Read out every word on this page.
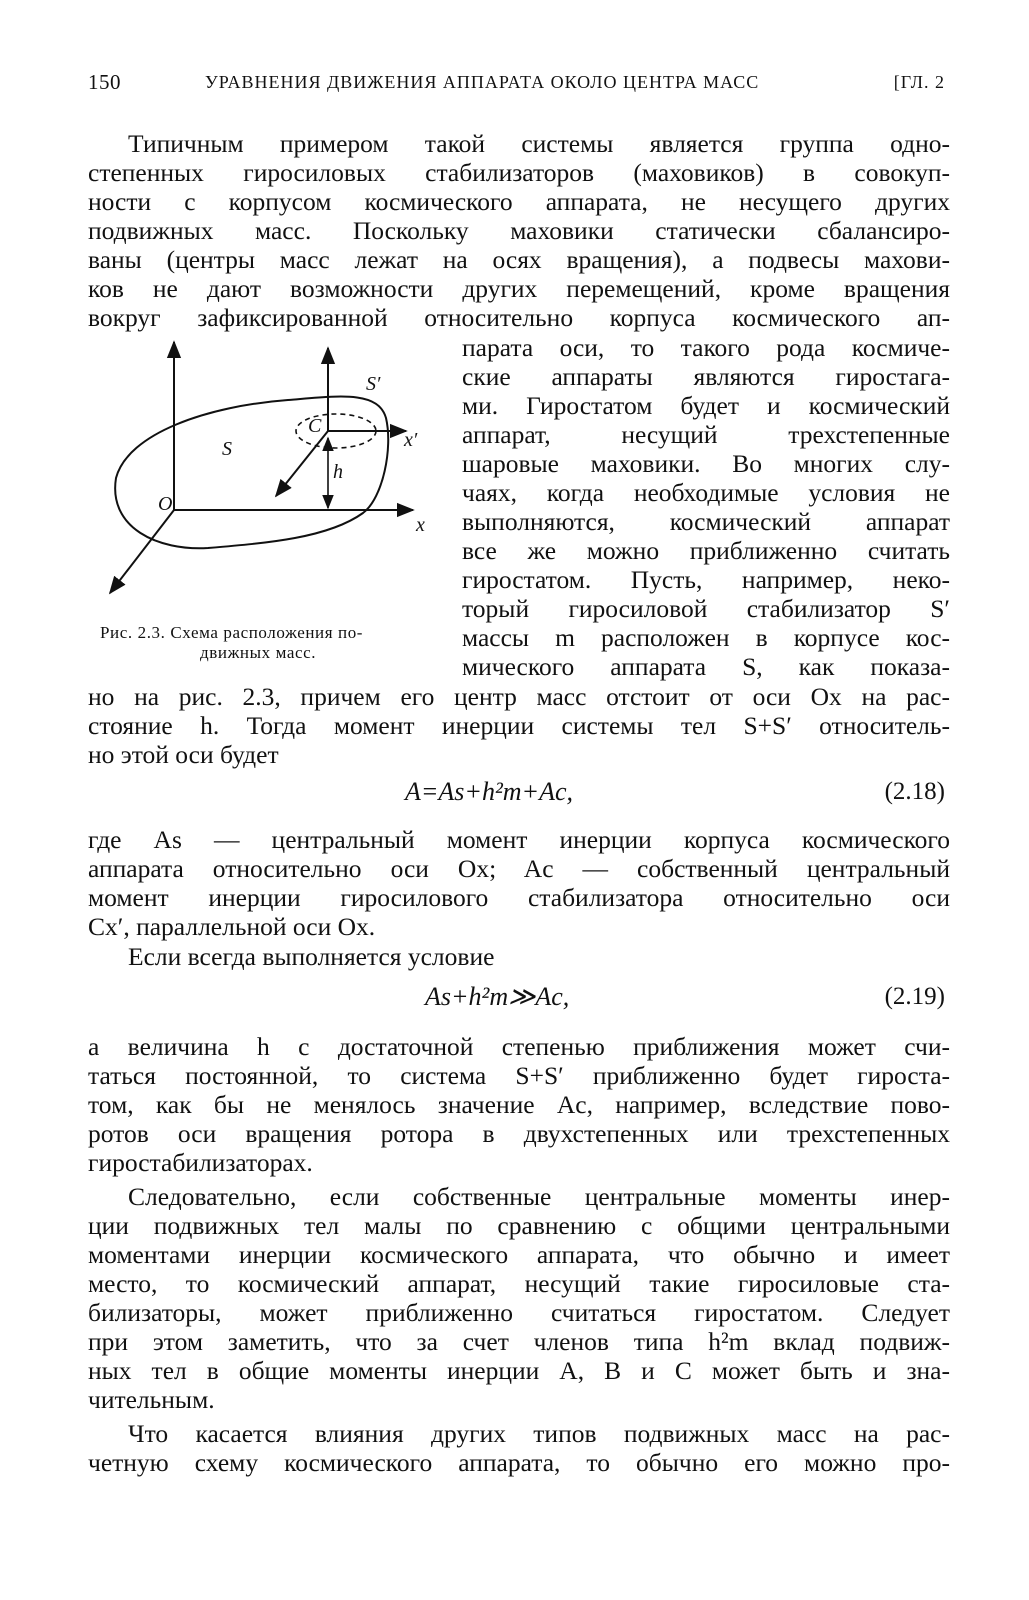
150	УРАВНЕНИЯ ДВИЖЕНИЯ АППАРАТА ОКОЛО ЦЕНТРА МАСС	[ГЛ. 2
Типичным примером такой системы является группа одно-
степенных гиросиловых стабилизаторов (маховиков) в совокуп-
ности с корпусом космического аппарата, не несущего других
подвижных масс. Поскольку маховики статически сбалансиро-
ваны (центры масс лежат на осях вращения), а подвесы махови-
ков не дают возможности других перемещений, кроме вращения
вокруг зафиксированной относительно корпуса космического ап-
парата оси, то такого рода космиче-
ские аппараты являются гиростага-
ми. Гиростатом будет и космический
аппарат, несущий трехстепенные
шаровые маховики. Во многих слу-
чаях, когда необходимые условия не
выполняются, космический аппарат
все же можно приближенно считать
гиростатом. Пусть, например, неко-
торый гиросиловой стабилизатор S′
массы m расположен в корпусе кос-
мического аппарата S, как показа-
S′
C
x′
S
h
O
x
Рис. 2.3. Схема расположения по-
движных масс.
но на рис. 2.3, причем его центр масс отстоит от оси Ox на рас-
стояние h. Тогда момент инерции системы тел S+S′ относитель-
но этой оси будет
A=As+h²m+Ac,	(2.18)
где As — центральный момент инерции корпуса космического
аппарата относительно оси Ox; Ac — собственный центральный
момент инерции гиросилового стабилизатора относительно оси
Cx′, параллельной оси Ox.
Если всегда выполняется условие
As+h²m≫Ac,	(2.19)
а величина h с достаточной степенью приближения может счи-
таться постоянной, то система S+S′ приближенно будет гироста-
том, как бы не менялось значение Ac, например, вследствие пово-
ротов оси вращения ротора в двухстепенных или трехстепенных
гиростабилизаторах.
Следовательно, если собственные центральные моменты инер-
ции подвижных тел малы по сравнению с общими центральными
моментами инерции космического аппарата, что обычно и имеет
место, то космический аппарат, несущий такие гиросиловые ста-
билизаторы, может приближенно считаться гиростатом. Следует
при этом заметить, что за счет членов типа h²m вклад подвиж-
ных тел в общие моменты инерции A, B и C может быть и зна-
чительным.
Что касается влияния других типов подвижных масс на рас-
четную схему космического аппарата, то обычно его можно про-
